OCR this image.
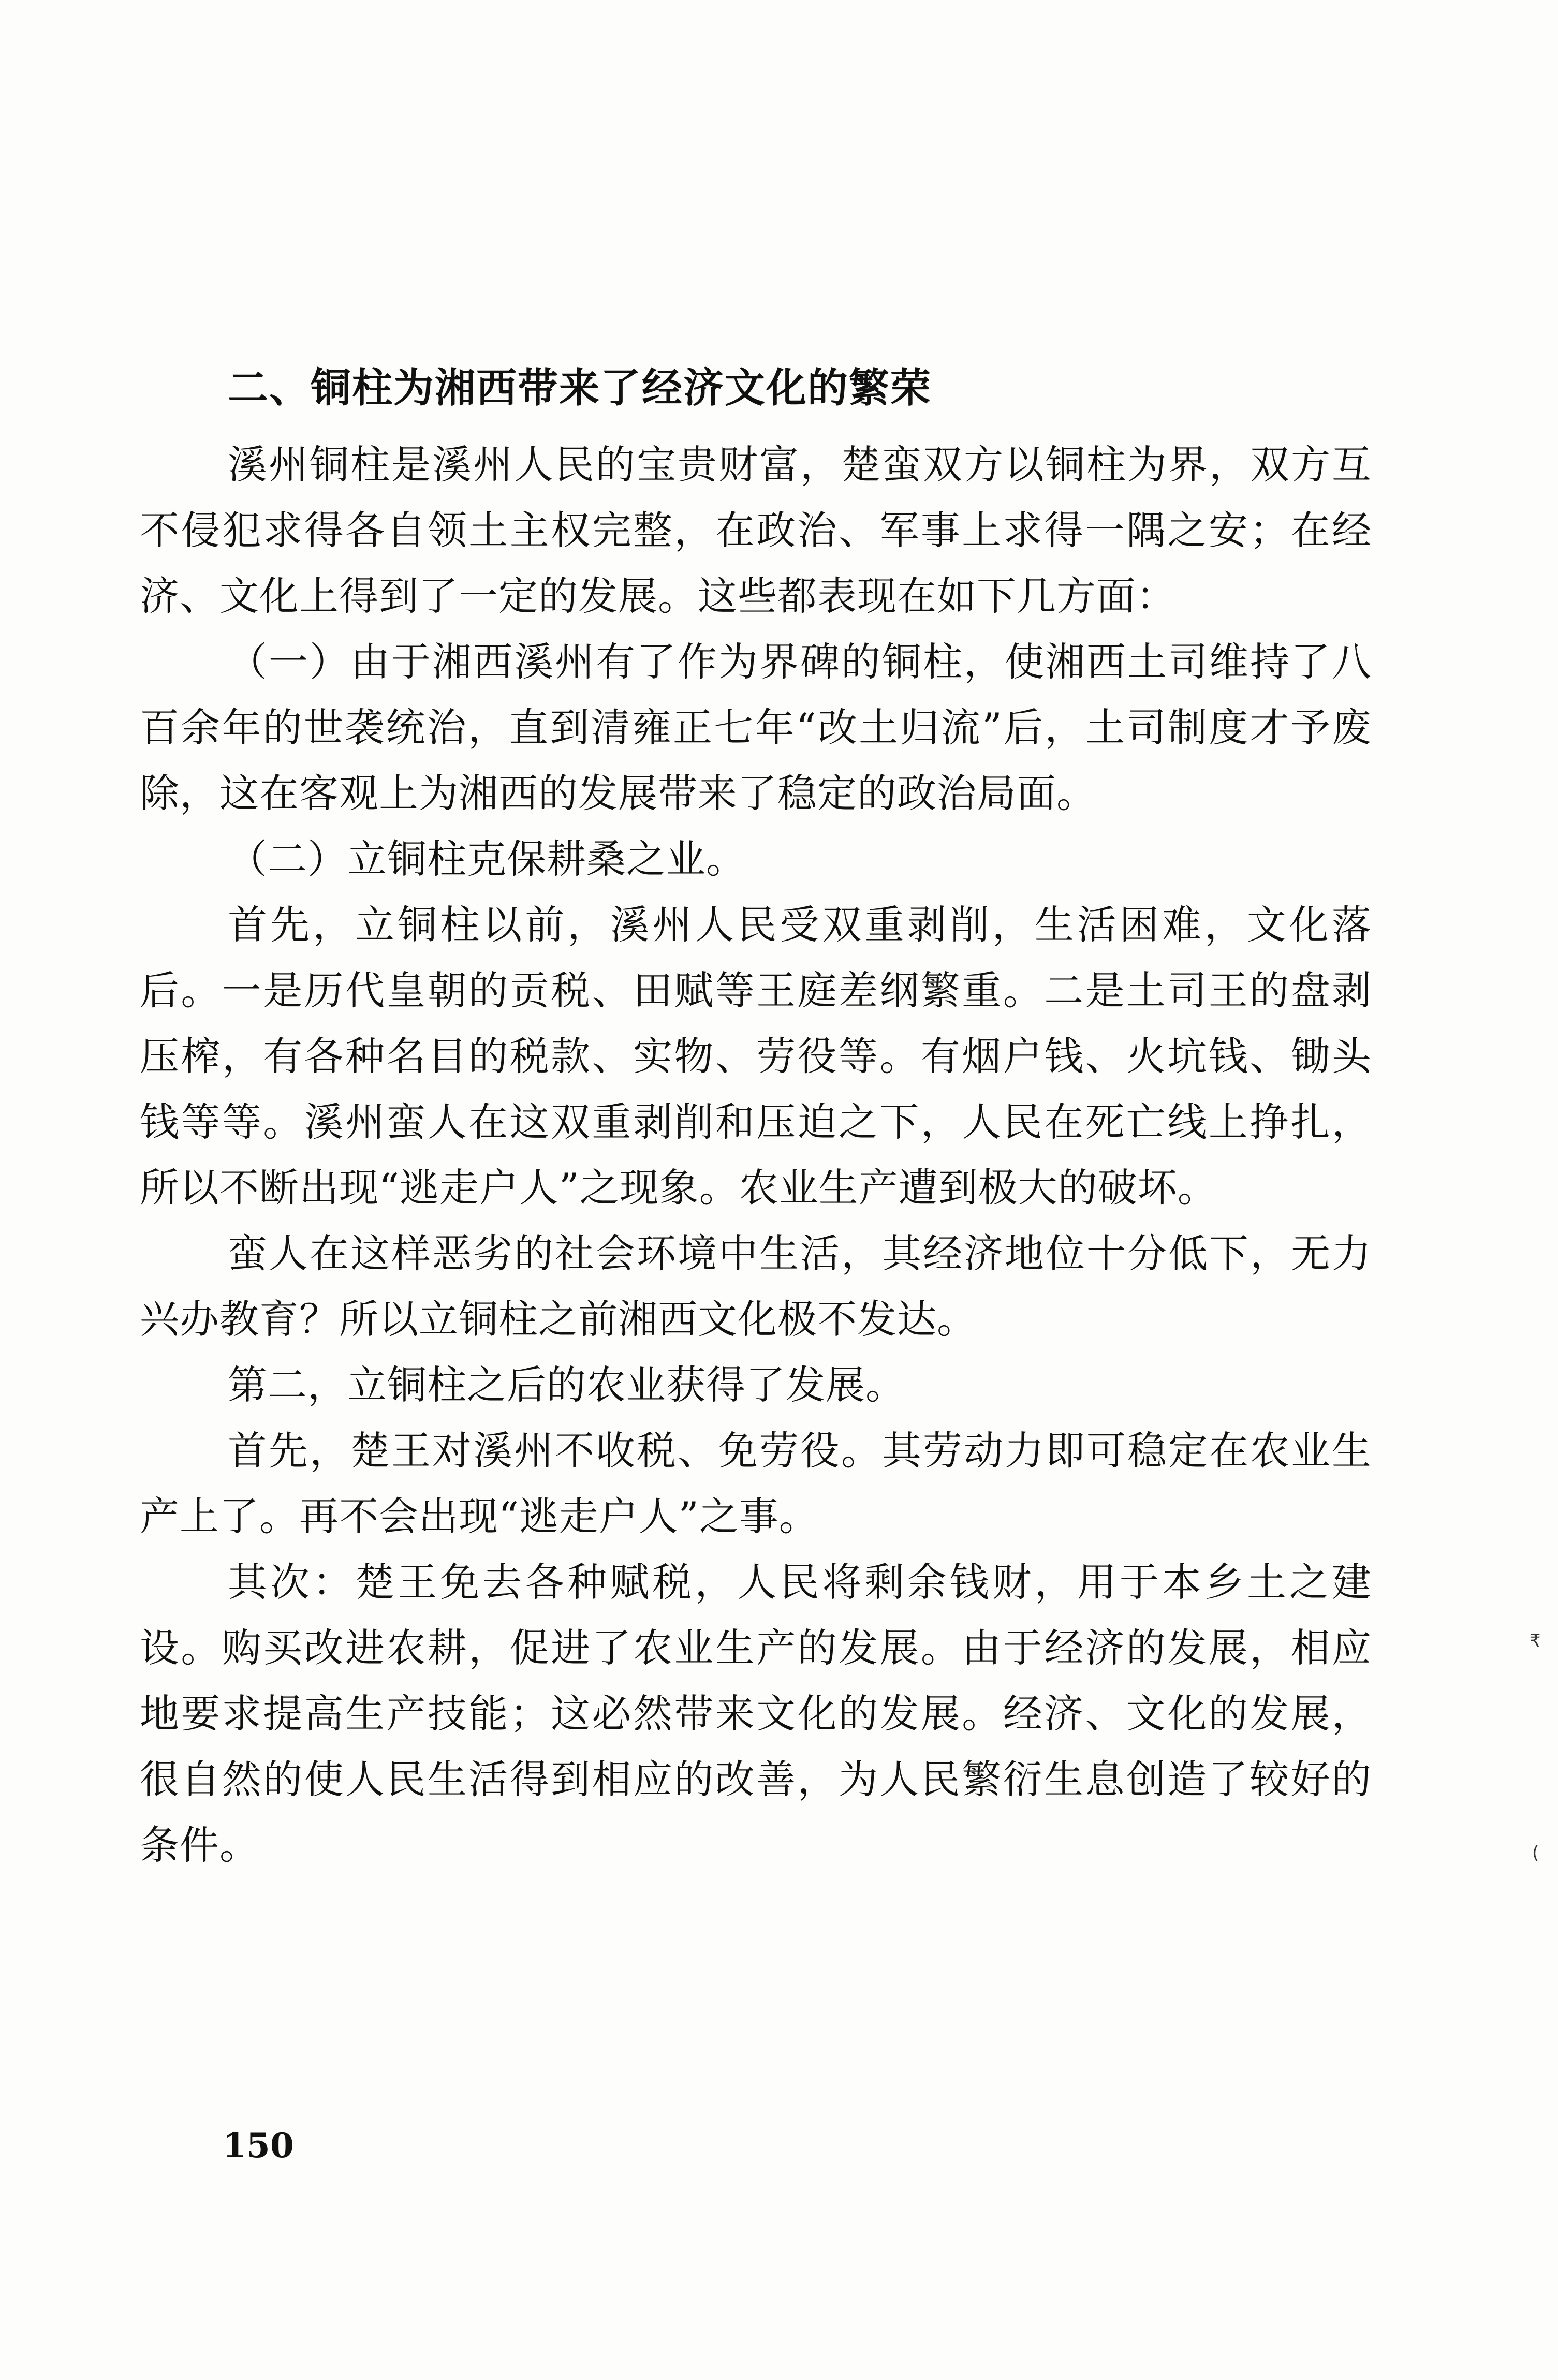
二、铜柱为湘西带来了经济文化的繁荣

溪州铜柱是溪州人民的宝贵财富，楚蛮双方以铜柱为界，双方互不侵犯求得各自领土主权完整，在政治、军事上求得一隅之安；在经济、文化上得到了一定的发展。这些都表现在如下几方面：

（一）由于湘西溪州有了作为界碑的铜柱，使湘西土司维持了八百余年的世袭统治，直到清雍正七年“改土归流”后，土司制度才予废除，这在客观上为湘西的发展带来了稳定的政治局面。

（二）立铜柱克保耕桑之业。

首先，立铜柱以前，溪州人民受双重剥削，生活困难，文化落后。一是历代皇朝的贡税、田赋等王庭差纲繁重。二是土司王的盘剥压榨，有各种名目的税款、实物、劳役等。有烟户钱、火坑钱、锄头钱等等。溪州蛮人在这双重剥削和压迫之下，人民在死亡线上挣扎，所以不断出现“逃走户人”之现象。农业生产遭到极大的破坏。

蛮人在这样恶劣的社会环境中生活，其经济地位十分低下，无力兴办教育？所以立铜柱之前湘西文化极不发达。

第二，立铜柱之后的农业获得了发展。

首先，楚王对溪州不收税、免劳役。其劳动力即可稳定在农业生产上了。再不会出现“逃走户人”之事。

其次：楚王免去各种赋税，人民将剩余钱财，用于本乡土之建设。购买改进农耕，促进了农业生产的发展。由于经济的发展，相应地要求提高生产技能；这必然带来文化的发展。经济、文化的发展，很自然的使人民生活得到相应的改善，为人民繁衍生息创造了较好的条件。

150
₹
(
